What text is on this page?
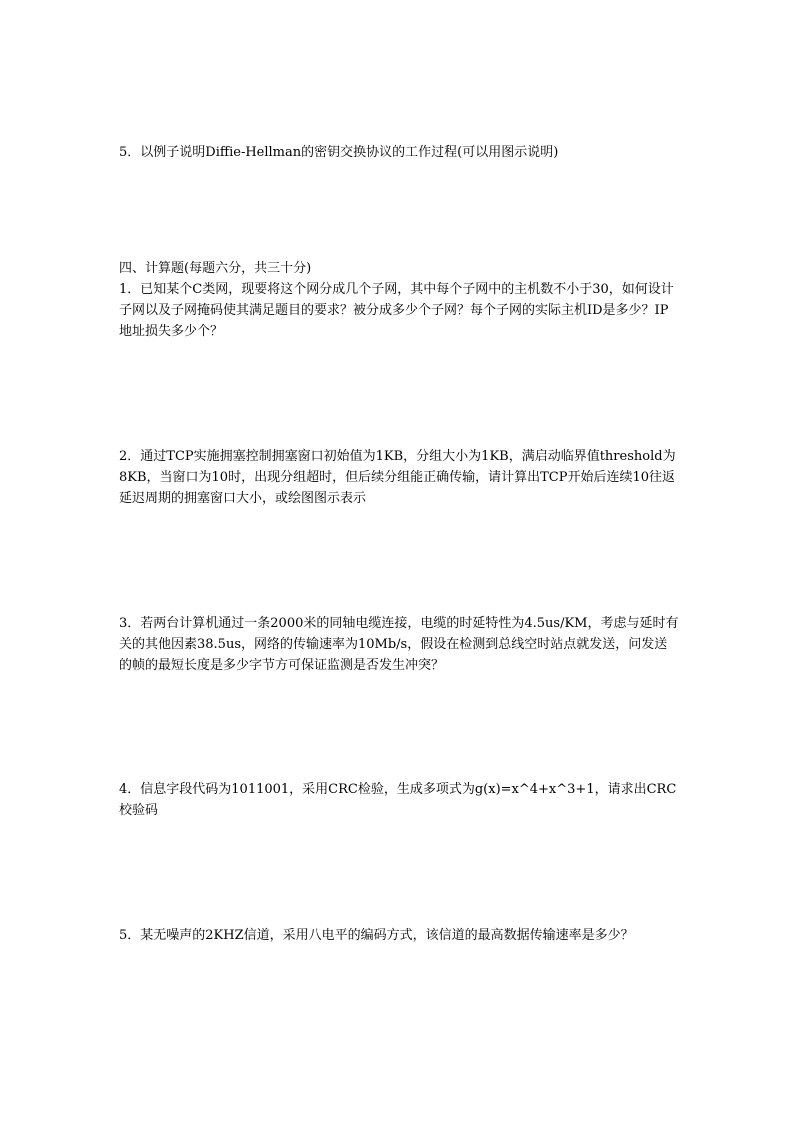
5．以例子说明Diffie-Hellman的密钥交换协议的工作过程(可以用图示说明)
四、计算题(每题六分，共三十分)
1．已知某个C类网，现要将这个网分成几个子网，其中每个子网中的主机数不小于30，如何设计子网以及子网掩码使其满足题目的要求？被分成多少个子网？每个子网的实际主机ID是多少？IP地址损失多少个？
2．通过TCP实施拥塞控制拥塞窗口初始值为1KB，分组大小为1KB，满启动临界值threshold为8KB，当窗口为10时，出现分组超时，但后续分组能正确传输，请计算出TCP开始后连续10往返延迟周期的拥塞窗口大小，或绘图图示表示
3．若两台计算机通过一条2000米的同轴电缆连接，电缆的时延特性为4.5us/KM，考虑与延时有关的其他因素38.5us，网络的传输速率为10Mb/s，假设在检测到总线空时站点就发送，问发送的帧的最短长度是多少字节方可保证监测是否发生冲突？
4．信息字段代码为1011001，采用CRC检验，生成多项式为g(x)=x^4+x^3+1，请求出CRC校验码
5．某无噪声的2KHZ信道，采用八电平的编码方式，该信道的最高数据传输速率是多少？
